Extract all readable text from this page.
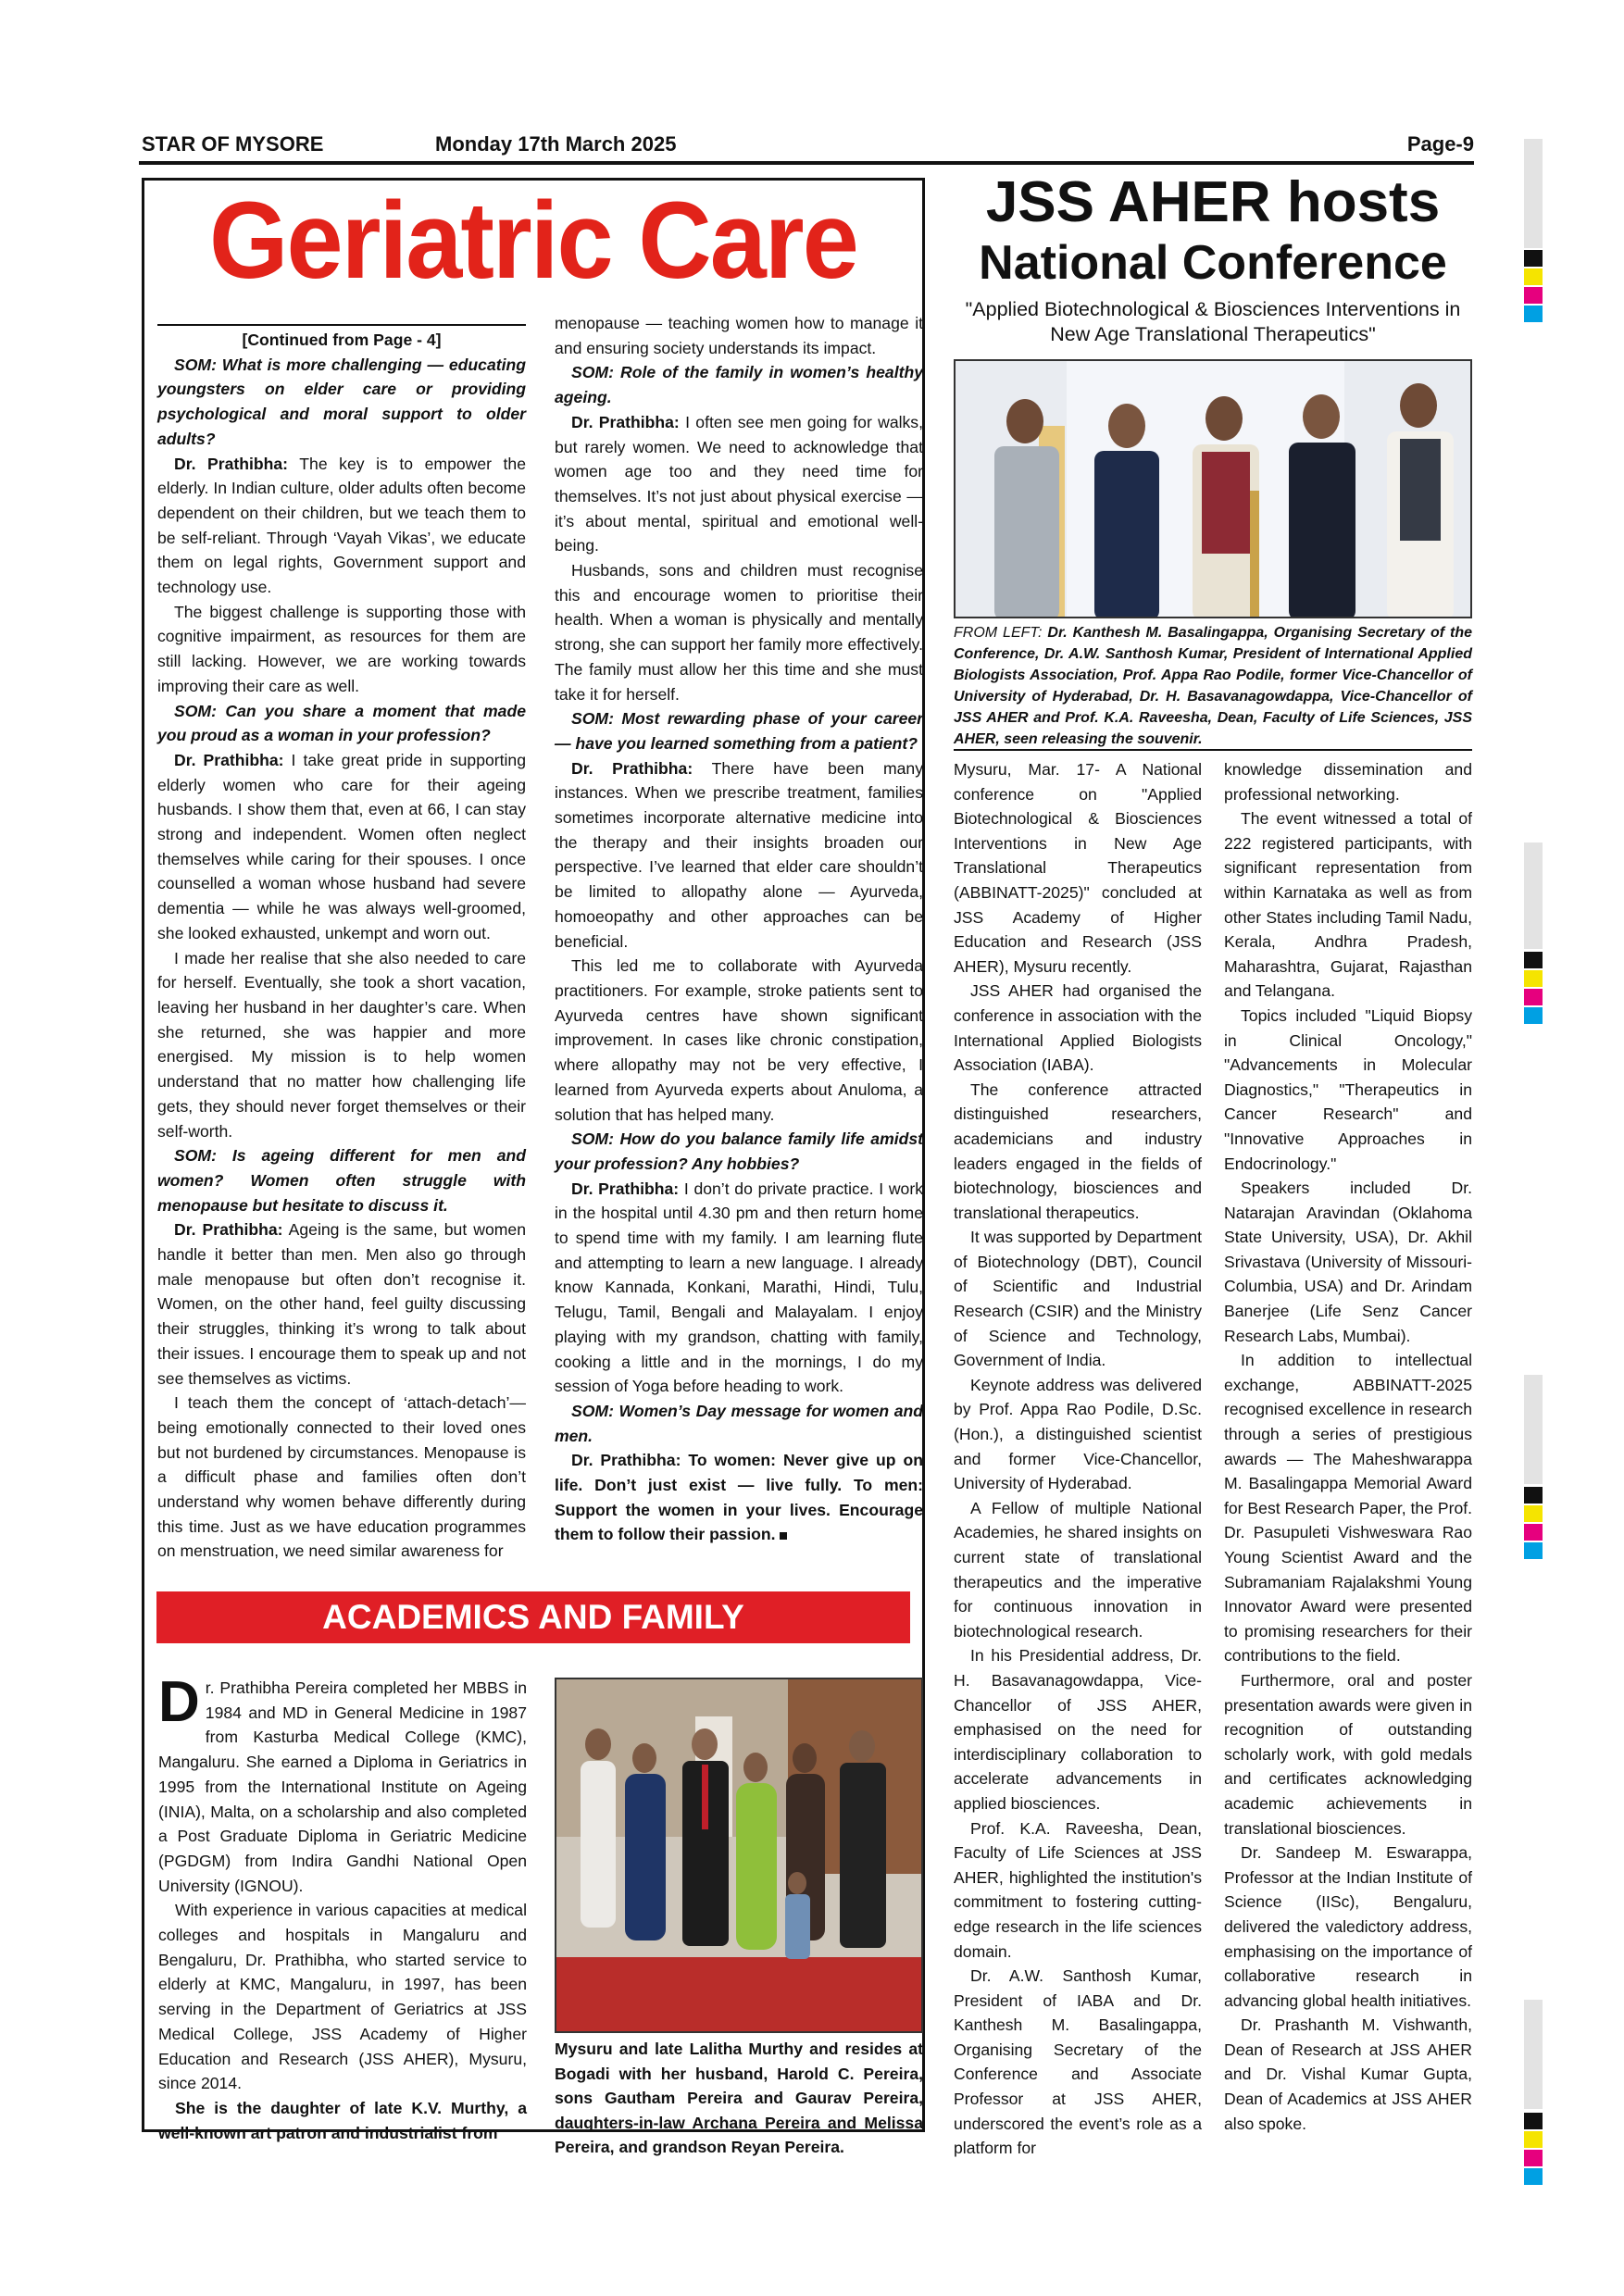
STAR OF MYSORE	Monday 17th March 2025	Page-9
Geriatric Care

[Continued from Page - 4]

SOM: What is more challenging — educating youngsters on elder care or providing psychological and moral support to older adults?

Dr. Prathibha: The key is to empower the elderly. In Indian culture, older adults often become dependent on their children, but we teach them to be self-reliant. Through ‘Vayah Vikas’, we educate them on legal rights, Government support and technology use.

The biggest challenge is supporting those with cognitive impairment, as resources for them are still lacking. However, we are working towards improving their care as well.

SOM: Can you share a moment that made you proud as a woman in your profession?

Dr. Prathibha: I take great pride in supporting elderly women who care for their ageing husbands. I show them that, even at 66, I can stay strong and independent. Women often neglect themselves while caring for their spouses. I once counselled a woman whose husband had severe dementia — while he was always well-groomed, she looked exhausted, unkempt and worn out.

I made her realise that she also needed to care for herself. Eventually, she took a short vacation, leaving her husband in her daughter’s care. When she returned, she was happier and more energised. My mission is to help women understand that no matter how challenging life gets, they should never forget themselves or their self-worth.

SOM: Is ageing different for men and women? Women often struggle with menopause but hesitate to discuss it.

Dr. Prathibha: Ageing is the same, but women handle it better than men. Men also go through male menopause but often don’t recognise it. Women, on the other hand, feel guilty discussing their struggles, thinking it’s wrong to talk about their issues. I encourage them to speak up and not see themselves as victims.

I teach them the concept of ‘attach-detach’—being emotionally connected to their loved ones but not burdened by circumstances. Menopause is a difficult phase and families often don’t understand why women behave differently during this time. Just as we have education programmes on menstruation, we need similar awareness for

menopause — teaching women how to manage it and ensuring society understands its impact.

SOM: Role of the family in women’s healthy ageing.

Dr. Prathibha: I often see men going for walks, but rarely women. We need to acknowledge that women age too and they need time for themselves. It’s not just about physical exercise — it’s about mental, spiritual and emotional well-being.

Husbands, sons and children must recognise this and encourage women to prioritise their health. When a woman is physically and mentally strong, she can support her family more effectively. The family must allow her this time and she must take it for herself.

SOM: Most rewarding phase of your career — have you learned something from a patient?

Dr. Prathibha: There have been many instances. When we prescribe treatment, families sometimes incorporate alternative medicine into the therapy and their insights broaden our perspective. I’ve learned that elder care shouldn’t be limited to allopathy alone — Ayurveda, homoeopathy and other approaches can be beneficial.

This led me to collaborate with Ayurveda practitioners. For example, stroke patients sent to Ayurveda centres have shown significant improvement. In cases like chronic constipation, where allopathy may not be very effective, I learned from Ayurveda experts about Anuloma, a solution that has helped many.

SOM: How do you balance family life amidst your profession? Any hobbies?

Dr. Prathibha: I don’t do private practice. I work in the hospital until 4.30 pm and then return home to spend time with my family. I am learning flute and attempting to learn a new language. I already know Kannada, Konkani, Marathi, Hindi, Tulu, Telugu, Tamil, Bengali and Malayalam. I enjoy playing with my grandson, chatting with family, cooking a little and in the mornings, I do my session of Yoga before heading to work.

SOM: Women’s Day message for women and men.

Dr. Prathibha: To women: Never give up on life. Don’t just exist — live fully. To men: Support the women in your lives. Encourage them to follow their passion.

ACADEMICS AND FAMILY

Dr. Prathibha Pereira completed her MBBS in 1984 and MD in General Medicine in 1987 from Kasturba Medical College (KMC), Mangaluru. She earned a Diploma in Geriatrics in 1995 from the International Institute on Ageing (INIA), Malta, on a scholarship and also completed a Post Graduate Diploma in Geriatric Medicine (PGDGM) from Indira Gandhi National Open University (IGNOU).

With experience in various capacities at medical colleges and hospitals in Mangaluru and Bengaluru, Dr. Prathibha, who started service to elderly at KMC, Mangaluru, in 1997, has been serving in the Department of Geriatrics at JSS Medical College, JSS Academy of Higher Education and Research (JSS AHER), Mysuru, since 2014.

She is the daughter of late K.V. Murthy, a well-known art patron and industrialist from

Mysuru and late Lalitha Murthy and resides at Bogadi with her husband, Harold C. Pereira, sons Gautham Pereira and Gaurav Pereira, daughters-in-law Archana Pereira and Melissa Pereira, and grandson Reyan Pereira.
JSS AHER hosts
National Conference
"Applied Biotechnological & Biosciences Interventions in New Age Translational Therapeutics"
FROM LEFT: Dr. Kanthesh M. Basalingappa, Organising Secretary of the Conference, Dr. A.W. Santhosh Kumar, President of International Applied Biologists Association, Prof. Appa Rao Podile, former Vice-Chancellor of University of Hyderabad, Dr. H. Basavanagowdappa, Vice-Chancellor of JSS AHER and Prof. K.A. Raveesha, Dean, Faculty of Life Sciences, JSS AHER, seen releasing the souvenir.

Mysuru, Mar. 17- A National conference on "Applied Biotechnological & Biosciences Interventions in New Age Translational Therapeutics (ABBINATT-2025)" concluded at JSS Academy of Higher Education and Research (JSS AHER), Mysuru recently.

JSS AHER had organised the conference in association with the International Applied Biologists Association (IABA).

The conference attracted distinguished researchers, academicians and industry leaders engaged in the fields of biotechnology, biosciences and translational therapeutics.

It was supported by Department of Biotechnology (DBT), Council of Scientific and Industrial Research (CSIR) and the Ministry of Science and Technology, Government of India.

Keynote address was delivered by Prof. Appa Rao Podile, D.Sc. (Hon.), a distinguished scientist and former Vice-Chancellor, University of Hyderabad.

A Fellow of multiple National Academies, he shared insights on current state of translational therapeutics and the imperative for continuous innovation in biotechnological research.

In his Presidential address, Dr. H. Basavanagowdappa, Vice-Chancellor of JSS AHER, emphasised on the need for interdisciplinary collaboration to accelerate advancements in applied biosciences.

Prof. K.A. Raveesha, Dean, Faculty of Life Sciences at JSS AHER, highlighted the institution's commitment to fostering cutting-edge research in the life sciences domain.

Dr. A.W. Santhosh Kumar, President of IABA and Dr. Kanthesh M. Basalingappa, Organising Secretary of the Conference and Associate Professor at JSS AHER, underscored the event’s role as a platform for

knowledge dissemination and professional networking.

The event witnessed a total of 222 registered participants, with significant representation from within Karnataka as well as from other States including Tamil Nadu, Kerala, Andhra Pradesh, Maharashtra, Gujarat, Rajasthan and Telangana.

Topics included "Liquid Biopsy in Clinical Oncology," "Advancements in Molecular Diagnostics," "Therapeutics in Cancer Research" and "Innovative Approaches in Endocrinology."

Speakers included Dr. Natarajan Aravindan (Oklahoma State University, USA), Dr. Akhil Srivastava (University of Missouri-Columbia, USA) and Dr. Arindam Banerjee (Life Senz Cancer Research Labs, Mumbai).

In addition to intellectual exchange, ABBINATT-2025 recognised excellence in research through a series of prestigious awards — The Maheshwarappa M. Basalingappa Memorial Award for Best Research Paper, the Prof. Dr. Pasupuleti Vishweswara Rao Young Scientist Award and the Subramaniam Rajalakshmi Young Innovator Award were presented to promising researchers for their contributions to the field.

Furthermore, oral and poster presentation awards were given in recognition of outstanding scholarly work, with gold medals and certificates acknowledging academic achievements in translational biosciences.

Dr. Sandeep M. Eswarappa, Professor at the Indian Institute of Science (IISc), Bengaluru, delivered the valedictory address, emphasising on the importance of collaborative research in advancing global health initiatives.

Dr. Prashanth M. Vishwanth, Dean of Research at JSS AHER and Dr. Vishal Kumar Gupta, Dean of Academics at JSS AHER also spoke.
